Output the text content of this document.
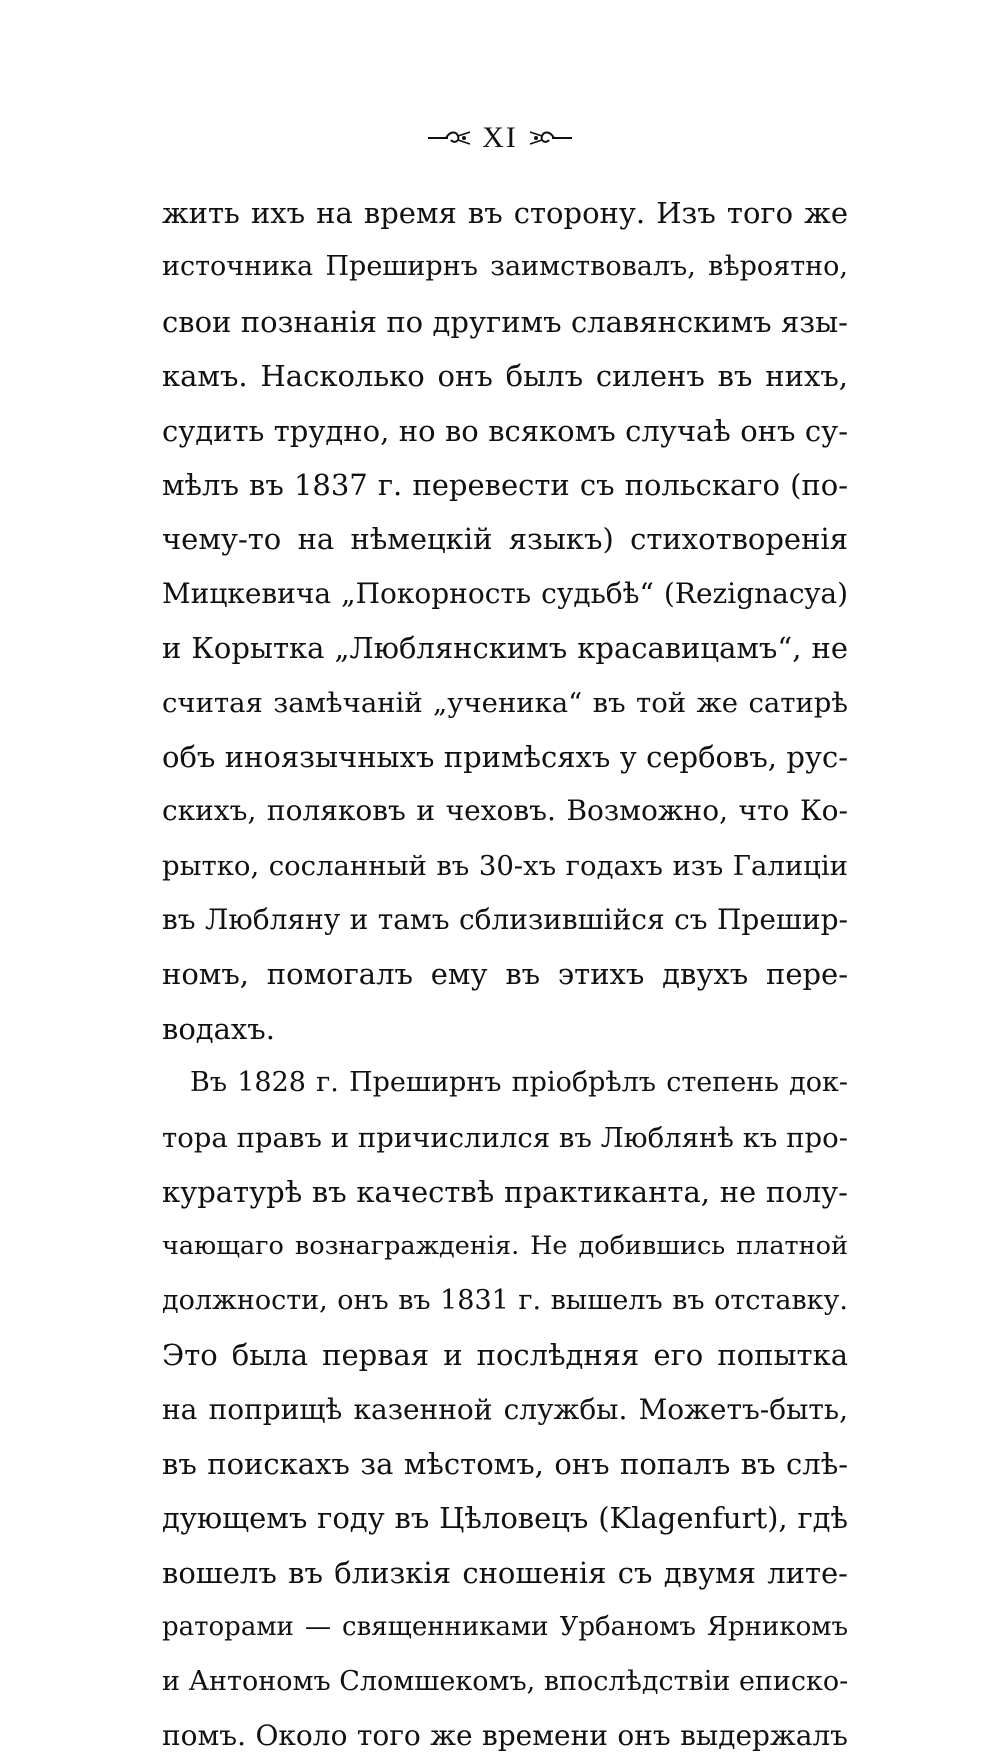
XI
жить ихъ на время въ сторону. Изъ того же
источника Преширнъ заимствовалъ, вѣроятно,
свои познанія по другимъ славянскимъ язы-
камъ. Насколько онъ былъ силенъ въ нихъ,
судить трудно, но во всякомъ случаѣ онъ су-
мѣлъ въ 1837 г. перевести съ польскаго (по-
чему-то на нѣмецкій языкъ) стихотворенія
Мицкевича „Покорность судьбѣ“ (Rezignacya)
и Корытка „Люблянскимъ красавицамъ“, не
считая замѣчаній „ученика“ въ той же сатирѣ
объ иноязычныхъ примѣсяхъ у сербовъ, рус-
скихъ, поляковъ и чеховъ. Возможно, что Ко-
рытко, сосланный въ 30-хъ годахъ изъ Галиціи
въ Любляну и тамъ сблизившійся съ Прешир-
номъ, помогалъ ему въ этихъ двухъ пере-
водахъ.
Въ 1828 г. Преширнъ пріобрѣлъ степень док-
тора правъ и причислился въ Люблянѣ къ про-
куратурѣ въ качествѣ практиканта, не полу-
чающаго вознагражденія. Не добившись платной
должности, онъ въ 1831 г. вышелъ въ отставку.
Это была первая и послѣдняя его попытка
на поприщѣ казенной службы. Можетъ-быть,
въ поискахъ за мѣстомъ, онъ попалъ въ слѣ-
дующемъ году въ Цѣловецъ (Klagenfurt), гдѣ
вошелъ въ близкія сношенія съ двумя лите-
раторами — священниками Урбаномъ Ярникомъ
и Антономъ Сломшекомъ, впослѣдствіи еписко-
помъ. Около того же времени онъ выдержалъ
